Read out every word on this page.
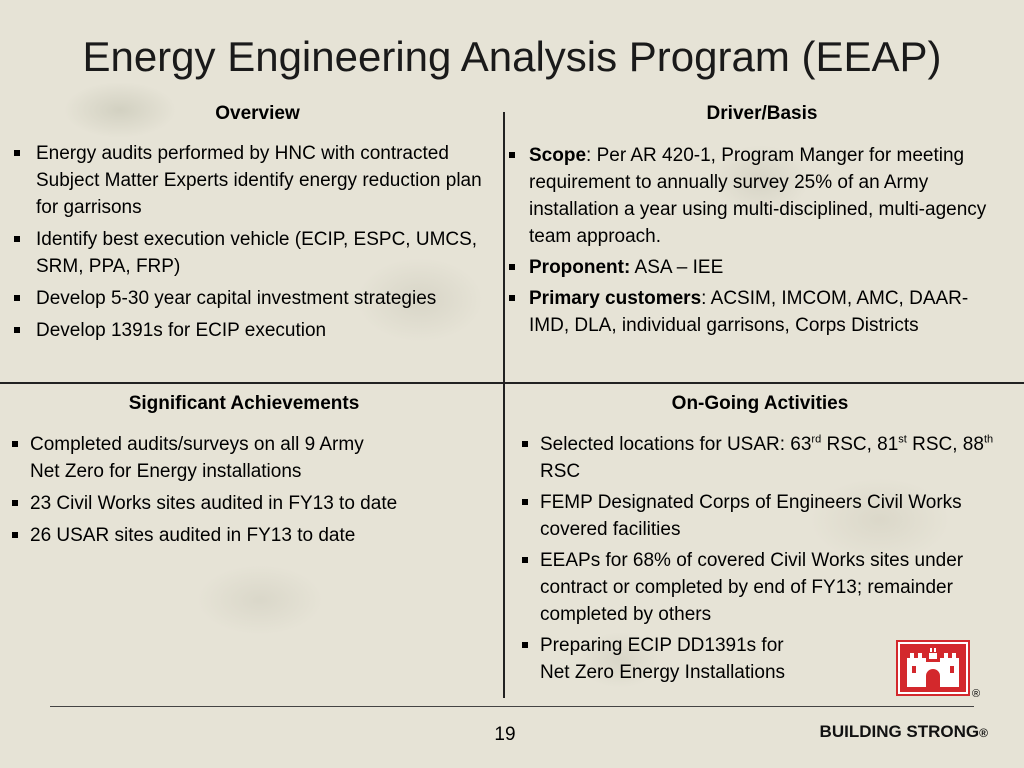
Energy Engineering Analysis Program (EEAP)
Overview
Energy audits performed by HNC with contracted Subject Matter Experts identify energy reduction plan for garrisons
Identify best execution vehicle (ECIP, ESPC, UMCS, SRM, PPA, FRP)
Develop 5-30 year capital investment strategies
Develop 1391s for ECIP execution
Driver/Basis
Scope: Per AR 420-1, Program Manger for meeting requirement to annually survey 25% of an Army installation a year using multi-disciplined, multi-agency team approach.
Proponent: ASA – IEE
Primary customers: ACSIM, IMCOM, AMC, DAAR-IMD, DLA, individual garrisons, Corps Districts
Significant Achievements
Completed audits/surveys on all 9 Army
Net Zero for Energy installations
23 Civil Works sites audited in FY13 to date
26 USAR sites audited in FY13 to date
On-Going Activities
Selected locations for USAR: 63rd RSC, 81st RSC, 88th RSC
FEMP Designated Corps of Engineers Civil Works covered facilities
EEAPs for 68% of covered Civil Works sites under contract or completed by end of FY13; remainder completed by others
Preparing ECIP DD1391s for
Net Zero Energy Installations
®
19	BUILDING STRONG®
